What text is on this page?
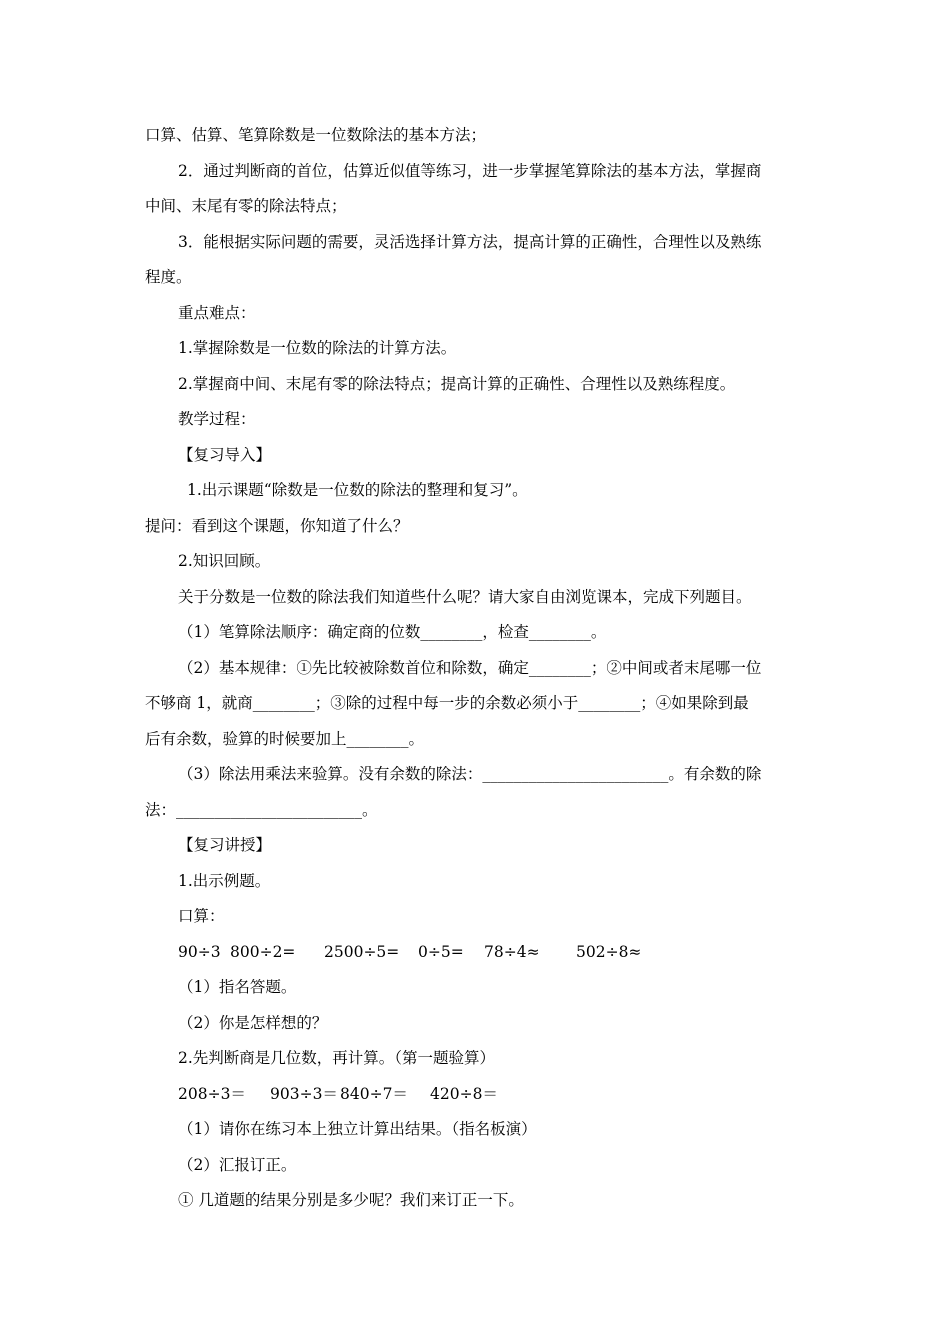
口算、估算、笔算除数是一位数除法的基本方法；
2．通过判断商的首位，估算近似值等练习，进一步掌握笔算除法的基本方法，掌握商
中间、末尾有零的除法特点；
3．能根据实际问题的需要，灵活选择计算方法，提高计算的正确性，合理性以及熟练
程度。
重点难点：
1.掌握除数是一位数的除法的计算方法。
2.掌握商中间、末尾有零的除法特点；提高计算的正确性、合理性以及熟练程度。
教学过程：
【复习导入】
1.出示课题“除数是一位数的除法的整理和复习”。
提问：看到这个课题，你知道了什么？
2.知识回顾。
关于分数是一位数的除法我们知道些什么呢？请大家自由浏览课本，完成下列题目。
（1）笔算除法顺序：确定商的位数________，检查________。
（2）基本规律：①先比较被除数首位和除数，确定________；②中间或者末尾哪一位
不够商 1，就商________；③除的过程中每一步的余数必须小于________；④如果除到最
后有余数，验算的时候要加上________。
（3）除法用乘法来验算。没有余数的除法：________________________。有余数的除
法：________________________。
【复习讲授】
1.出示例题。
口算：
90÷3 800÷2=	2500÷5=	0÷5=	78÷4≈	502÷8≈
（1）指名答题。
（2）你是怎样想的？
2.先判断商是几位数，再计算。（第一题验算）
208÷3＝	903÷3＝ 840÷7＝	420÷8＝
（1）请你在练习本上独立计算出结果。（指名板演）
（2）汇报订正。
① 几道题的结果分别是多少呢？我们来订正一下。
